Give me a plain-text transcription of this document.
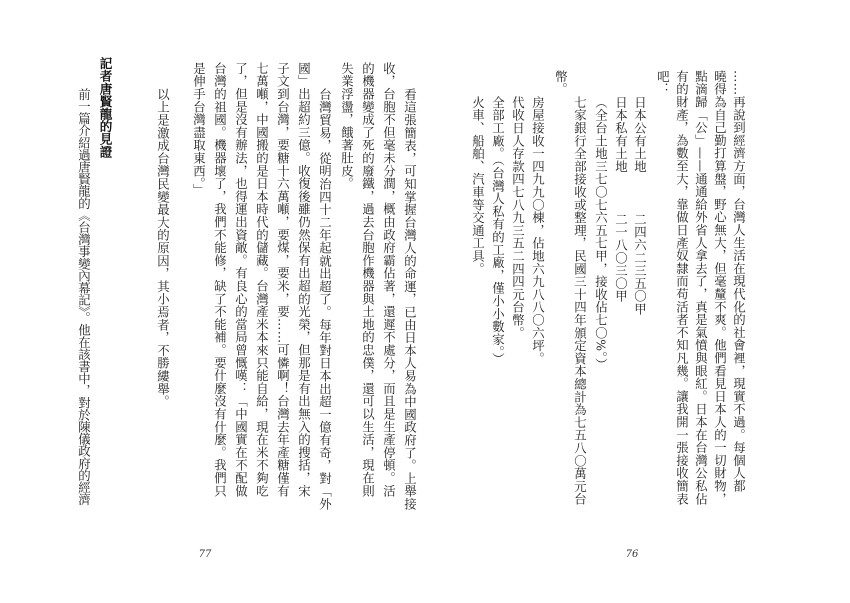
看這張簡表，可知掌握台灣人的命運，已由日本人易為中國政府了。上舉接
收，台胞不但毫未分潤，概由政府霸佔著，還遲不處分，而且是生產停頓。活
的機器變成了死的廢鐵，過去台胞作機器與土地的忠僕，還可以生活，現在則
失業浮盪，餓著肚皮。
台灣貿易，從明治四十二年起就出超了。每年對日本出超一億有奇，對「外
國」出超約三億。收復後雖仍然保有出超的光榮，但那是有出無入的搜括，宋
子文到台灣，要糖十六萬噸，要煤，要米，要……可憐啊！台灣去年產糖僅有
七萬噸，中國搬的是日本時代的儲藏。台灣產米本來只能自給，現在米不夠吃
了，但是沒有辦法，也得運出資敵。有良心的當局曾慨嘆：「中國實在不配做
台灣的祖國。機器壞了，我們不能修，缺了不能補。要什麼沒有什麼。我們只
是伸手台灣盡取東西。」
以上是激成台灣民變最大的原因，其小焉者，不勝縷舉。
記者唐賢龍的見證
前一篇介紹過唐賢龍的《台灣事變內幕記》。他在該書中，對於陳儀政府的經濟
77
……再說到經濟方面，台灣人生活在現代化的社會裡，現實不過。每個人都
曉得為自己勤打算盤，野心無大，但毫釐不爽。他們看見日本人的一切財物，
點滴歸「公」——通通給外省人拿去了，真是氣憤與眼紅。日本在台灣公私佔
有的財產，為數至大，靠做日產奴隸而苟活者不知凡幾。讓我開一張接收簡表
吧：
日本公有土地二四六二三五〇甲
日本私有土地二一八〇三〇甲
（全台土地三七〇七六五七甲，接收佔七〇%。）
七家銀行全部接收或整理，民國三十四年頒定資本總計為七五八〇萬元台
幣。
房屋接收一四九九〇棟，佔地六九八八〇六坪。
代收日人存款四七八九三五二四四元台幣。
全部工廠。（台灣人私有的工廠，僅小小數家。）
火車、船舶、汽車等交通工具。
76
